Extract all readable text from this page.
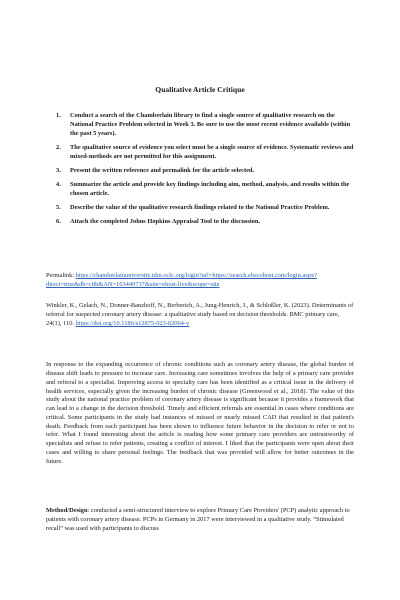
Qualitative Article Critique
1. Conduct a search of the Chamberlain library to find a single source of qualitative research on the National Practice Problem selected in Week 3. Be sure to use the most recent evidence available (within the past 5 years).
2. The qualitative source of evidence you select must be a single source of evidence. Systematic reviews and mixed-methods are not permitted for this assignment.
3. Present the written reference and permalink for the article selected.
4. Summarize the article and provide key findings including aim, method, analysis, and results within the chosen article.
5. Describe the value of the qualitative research findings related to the National Practice Problem.
6. Attach the completed Johns Hopkins Appraisal Tool to the discussion.

Permalink: https://chamberlainuniversity.idm.oclc.org/login?url=https://search.ebscohost.com/login.aspx?direct=true&db=c8h&AN=163449737&site=ehost-live&scope=site

Winkler, K., Gelach, N., Donner-Banzhoff, N., Berberich, A., Jung-Henrich, J., & Schloßler, K. (2023). Determinants of referral for suspected coronary artery disease: a qualitative study based on decision thresholds. BMC primary care, 24(1), 110. https://doi.org/10.1186/s12875-023-02064-y

In response to the expanding occurrence of chronic conditions such as coronary artery disease, the global burden of disease shift leads to pressure to increase care. Increasing care sometimes involves the help of a primary care provider and referral to a specialist. Improving access to specialty care has been identified as a critical issue in the delivery of health services, especially given the increasing burden of chronic disease (Greenwood et al., 2018). The value of this study about the national practice problem of coronary artery disease is significant because it provides a framework that can lead to a change in the decision threshold. Timely and efficient referrals are essential in cases where conditions are critical. Some participants in the study had instances of missed or nearly missed CAD that resulted in that patient's death. Feedback from each participant has been shown to influence future behavior in the decision to refer or not to refer. What I found interesting about the article is reading how some primary care providers are untrustworthy of specialists and refuse to refer patients, creating a conflict of interest. I liked that the participants were open about their cases and willing to share personal feelings. The feedback that was provided will allow for better outcomes in the future.

Method/Design: conducted a semi-structured interview to explore Primary Care Providers' (PCP) analytic approach to patients with coronary artery disease. PCPs in Germany in 2017 were interviewed in a qualitative study. “Stimulated recall” was used with participants to discuss
